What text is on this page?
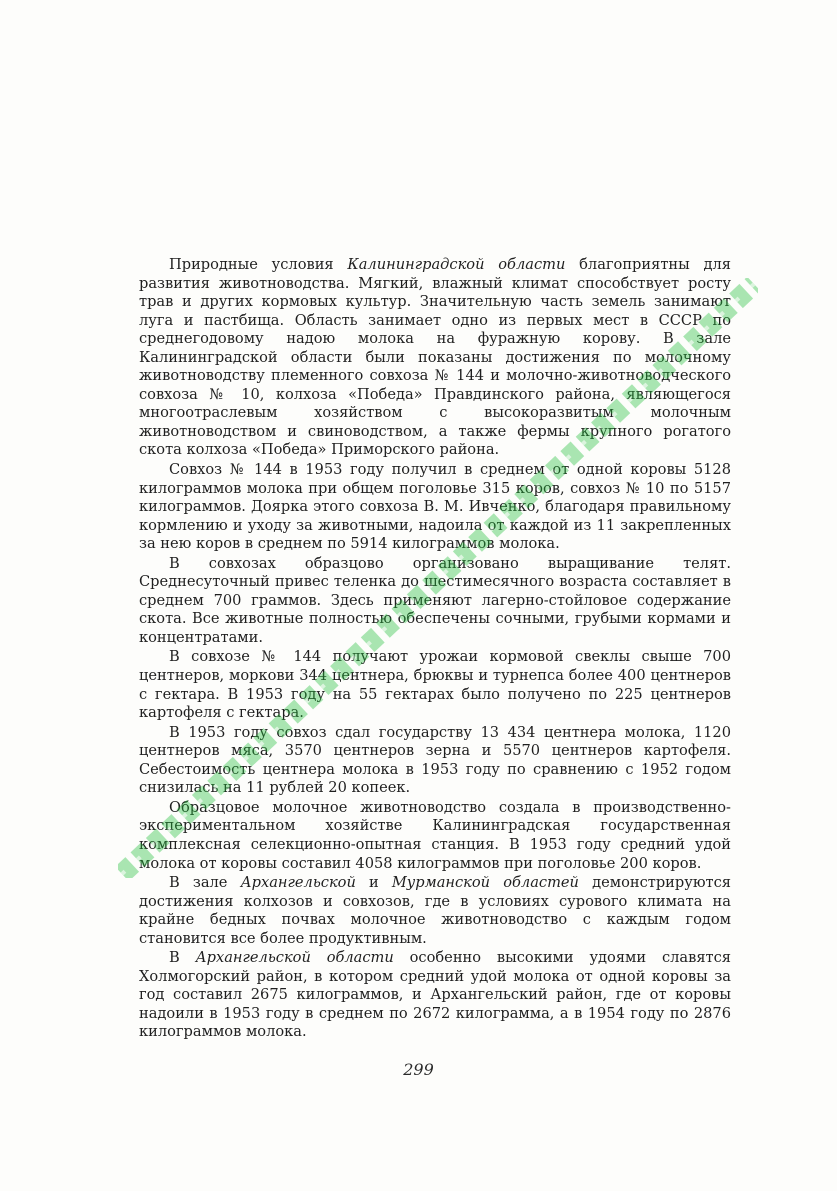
Природные условия Калининградской области благоприятны для развития животноводства. Мягкий, влажный климат способствует росту трав и других кормовых культур. Значительную часть земель занимают луга и пастбища. Область занимает одно из первых мест в СССР по среднегодовому надою молока на фуражную корову. В зале Калининградской области были показаны достижения по молочному животноводству племенного совхоза № 144 и молочно-животноводческого совхоза № 10, колхоза «Победа» Правдинского района, являющегося многоотраслевым хозяйством с высокоразвитым молочным животноводством и свиноводством, а также фермы крупного рогатого скота колхоза «Победа» Приморского района.

Совхоз № 144 в 1953 году получил в среднем от одной коровы 5128 килограммов молока при общем поголовье 315 коров, совхоз № 10 по 5157 килограммов. Доярка этого совхоза В. М. Ивченко, благодаря правильному кормлению и уходу за животными, надоила от каждой из 11 закрепленных за нею коров в среднем по 5914 килограммов молока.

В совхозах образцово организовано выращивание телят. Среднесуточный привес теленка до шестимесячного возраста составляет в среднем 700 граммов. Здесь применяют лагерно-стойловое содержание скота. Все животные полностью обеспечены сочными, грубыми кормами и концентратами.

В совхозе № 144 получают урожаи кормовой свеклы свыше 700 центнеров, моркови 344 центнера, брюквы и турнепса более 400 центнеров с гектара. В 1953 году на 55 гектарах было получено по 225 центнеров картофеля с гектара.

В 1953 году совхоз сдал государству 13 434 центнера молока, 1120 центнеров мяса, 3570 центнеров зерна и 5570 центнеров картофеля. Себестоимость центнера молока в 1953 году по сравнению с 1952 годом снизилась на 11 рублей 20 копеек.

Образцовое молочное животноводство создала в производственно-экспериментальном хозяйстве Калининградская государственная комплексная селекционно-опытная станция. В 1953 году средний удой молока от коровы составил 4058 килограммов при поголовье 200 коров.

В зале Архангельской и Мурманской областей демонстрируются достижения колхозов и совхозов, где в условиях сурового климата на крайне бедных почвах молочное животноводство с каждым годом становится все более продуктивным.

В Архангельской области особенно высокими удоями славятся Холмогорский район, в котором средний удой молока от одной коровы за год составил 2675 килограммов, и Архангельский район, где от коровы надоили в 1953 году в среднем по 2672 килограмма, а в 1954 году по 2876 килограммов молока.

299
